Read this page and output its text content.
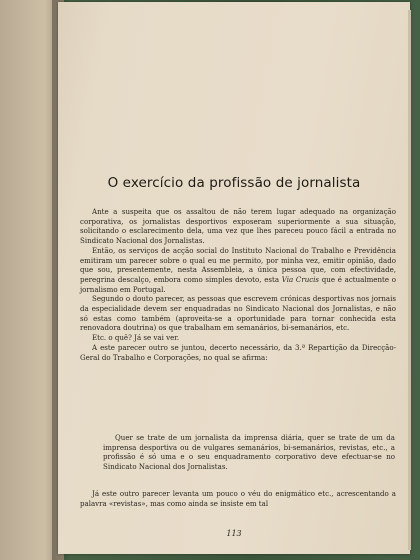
O exercício da profissão de jornalista

Ante a suspeita que os assaltou de não terem lugar adequado na organização corporativa, os jornalistas desportivos exposeram superiormente a sua situação, solicitando o esclarecimento dela, uma vez que lhes pareceu pouco fácil a entrada no Sindicato Nacional dos Jornalistas.

Então, os serviços de acção social do Instituto Nacional do Trabalho e Previdência emitiram um parecer sobre o qual eu me permito, por minha vez, emitir opinião, dado que sou, presentemente, nesta Assembleia, a única pessoa que, com efectividade, peregrina descalço, embora como simples devoto, esta Via Crucis que é actualmente o jornalismo em Portugal.

Segundo o douto parecer, as pessoas que escrevem crónicas desportivas nos jornais da especialidade devem ser enquadradas no Sindicato Nacional dos Jornalistas, e não só estas como também (aproveita-se a oportunidade para tornar conhecida esta renovadora doutrina) os que trabalham em semanários, bi-semanários, etc.

Etc. o quê? Já se vai ver.

A este parecer outro se juntou, decerto necessário, da 3.ª Repartição da Direcção-Geral do Trabalho e Corporações, no qual se afirma:

Quer se trate de um jornalista da imprensa diária, quer se trate de um da imprensa desportiva ou de vulgares semanários, bi-semanários, revistas, etc., a profissão é só uma e o seu enquadramento corporativo deve efectuar-se no Sindicato Nacional dos Jornalistas.

Já este outro parecer levanta um pouco o véu do enigmático etc., acrescentando a palavra «revistas», mas como ainda se insiste em tal

113
